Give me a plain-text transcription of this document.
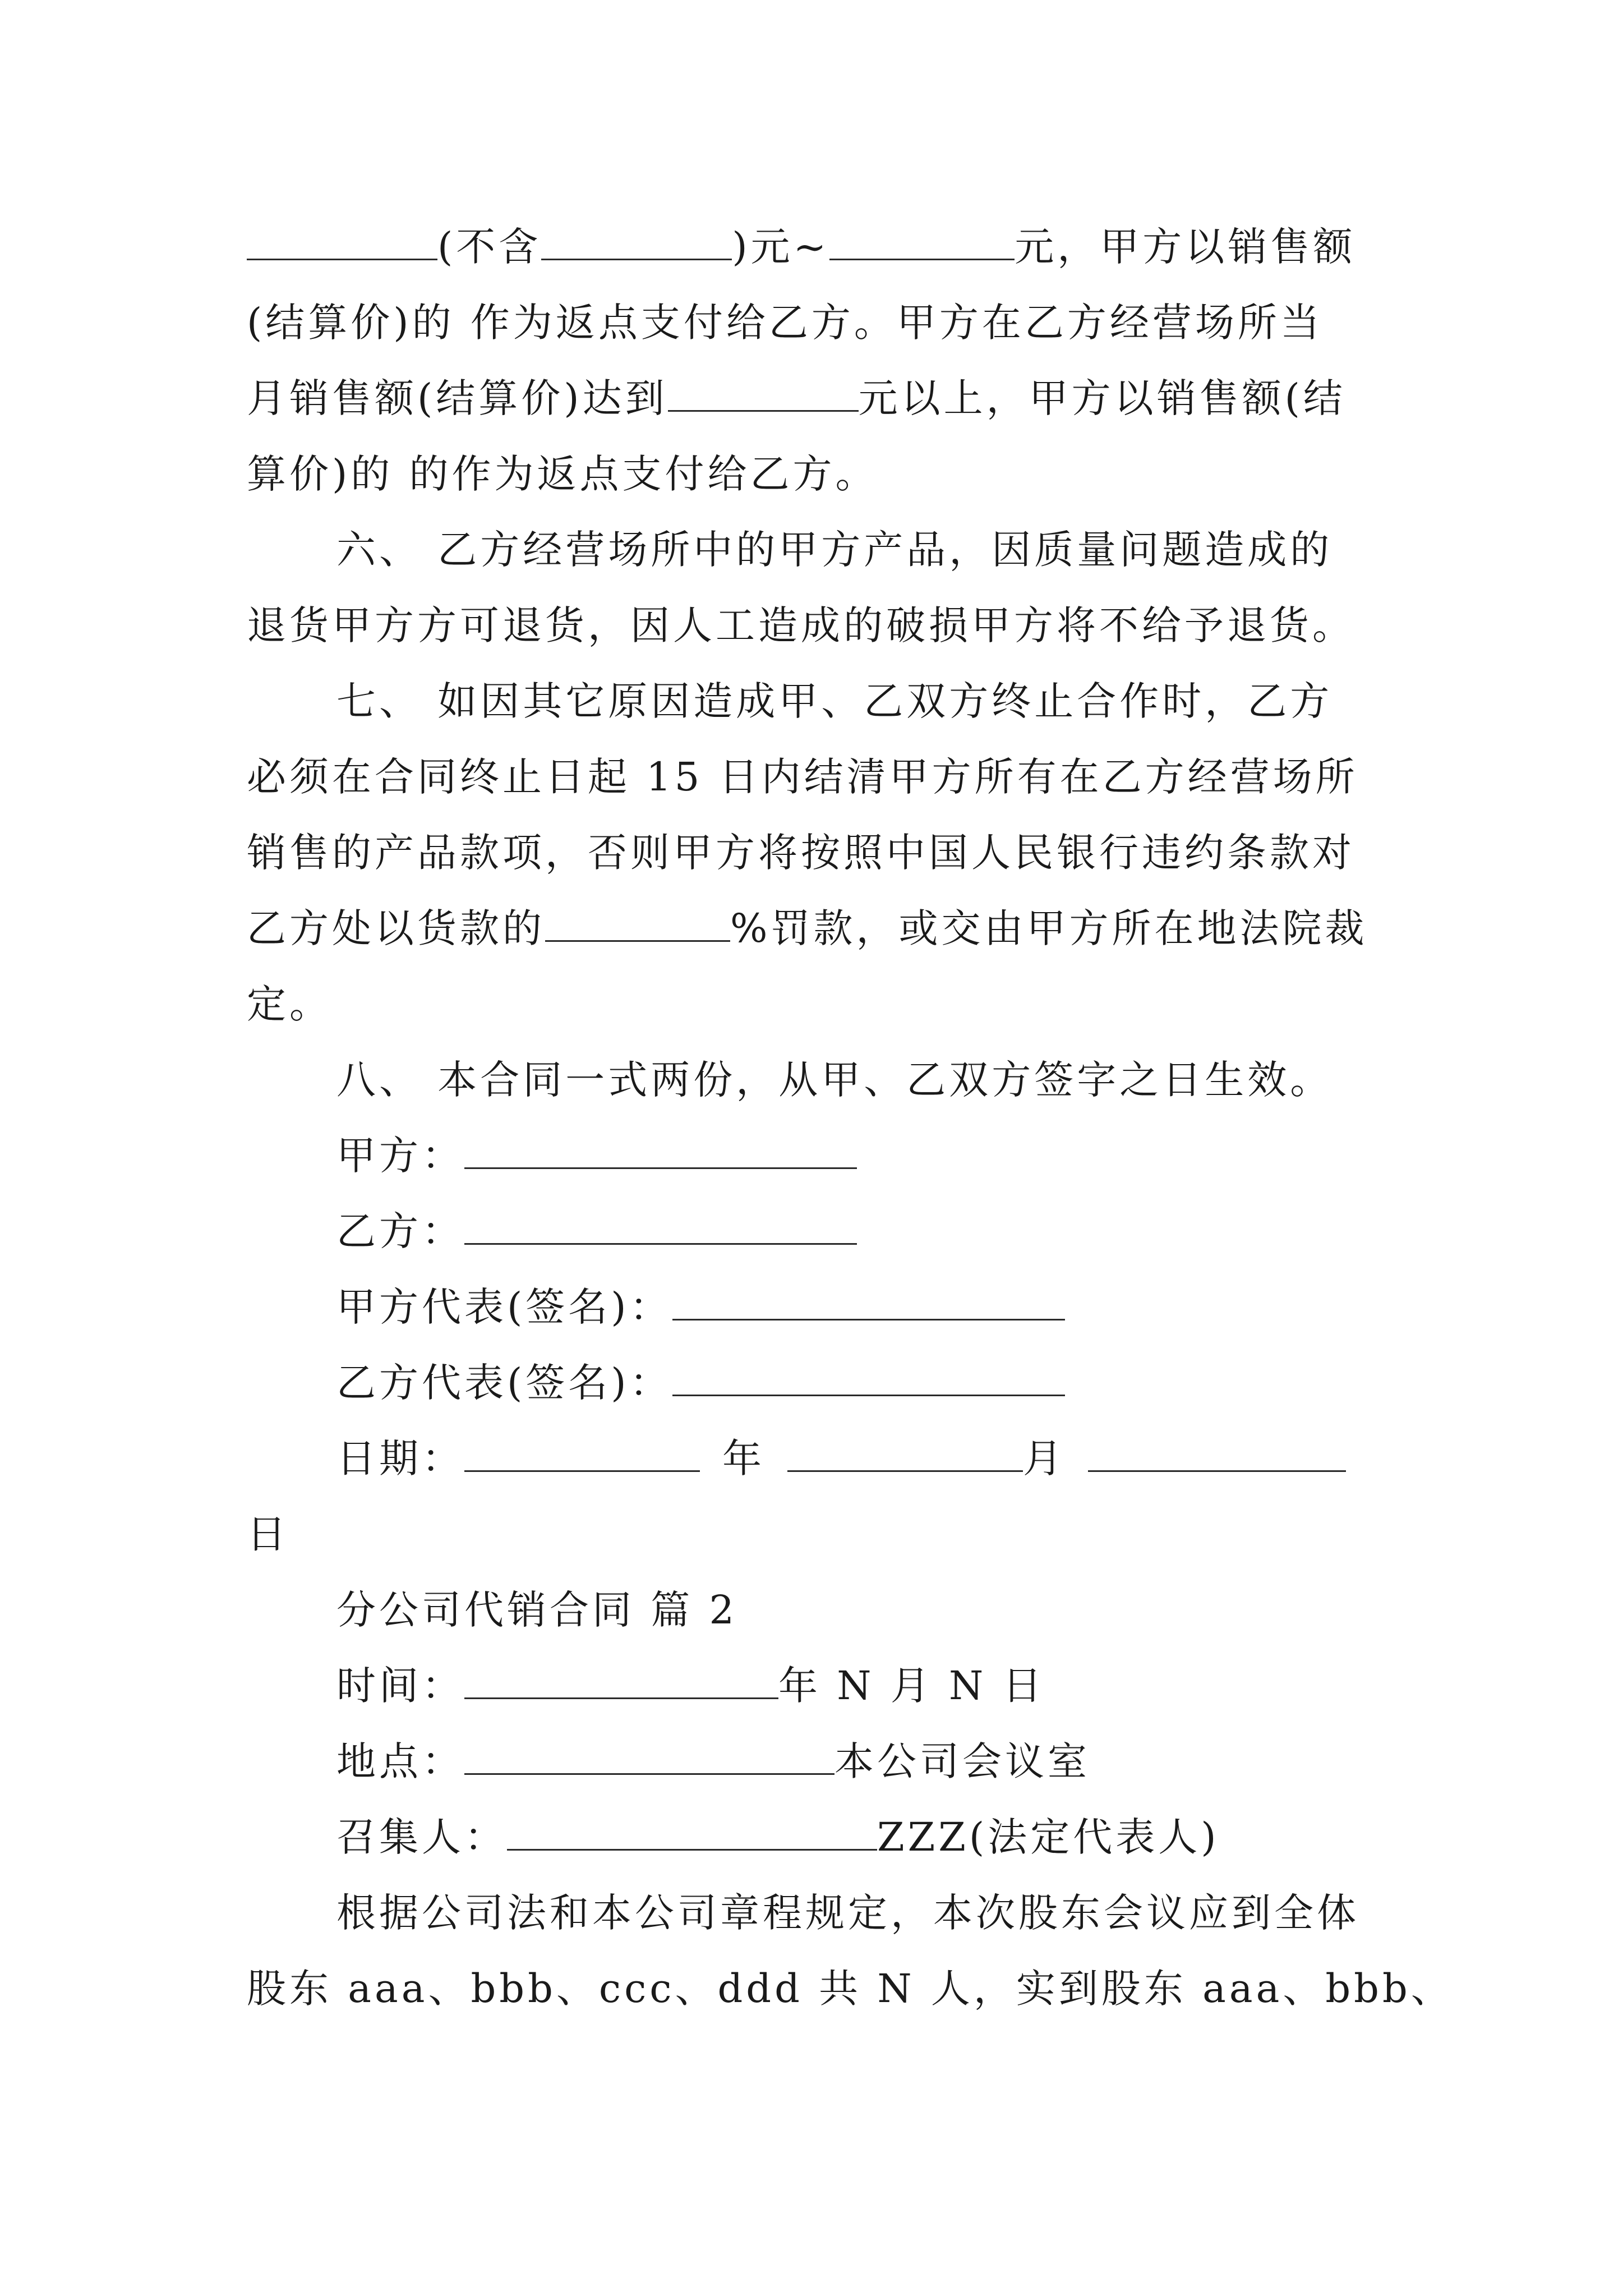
(不含	)元~	元，甲方以销售额
(结算价)的 作为返点支付给乙方。甲方在乙方经营场所当
月销售额(结算价)达到	元以上，甲方以销售额(结
算价)的 的作为返点支付给乙方。
六、 乙方经营场所中的甲方产品，因质量问题造成的
退货甲方方可退货，因人工造成的破损甲方将不给予退货。
七、 如因其它原因造成甲、乙双方终止合作时，乙方
必须在合同终止日起 15 日内结清甲方所有在乙方经营场所
销售的产品款项，否则甲方将按照中国人民银行违约条款对
乙方处以货款的	%罚款，或交由甲方所在地法院裁
定。
八、 本合同一式两份，从甲、乙双方签字之日生效。
甲方：
乙方：
甲方代表(签名)：
乙方代表(签名)：
日期：	年	月
日
分公司代销合同 篇 2
时间：	年 N 月 N 日
地点：	本公司会议室
召集人：	ZZZ(法定代表人)
根据公司法和本公司章程规定，本次股东会议应到全体
股东 aaa、bbb、ccc、ddd 共 N 人，实到股东 aaa、bbb、
